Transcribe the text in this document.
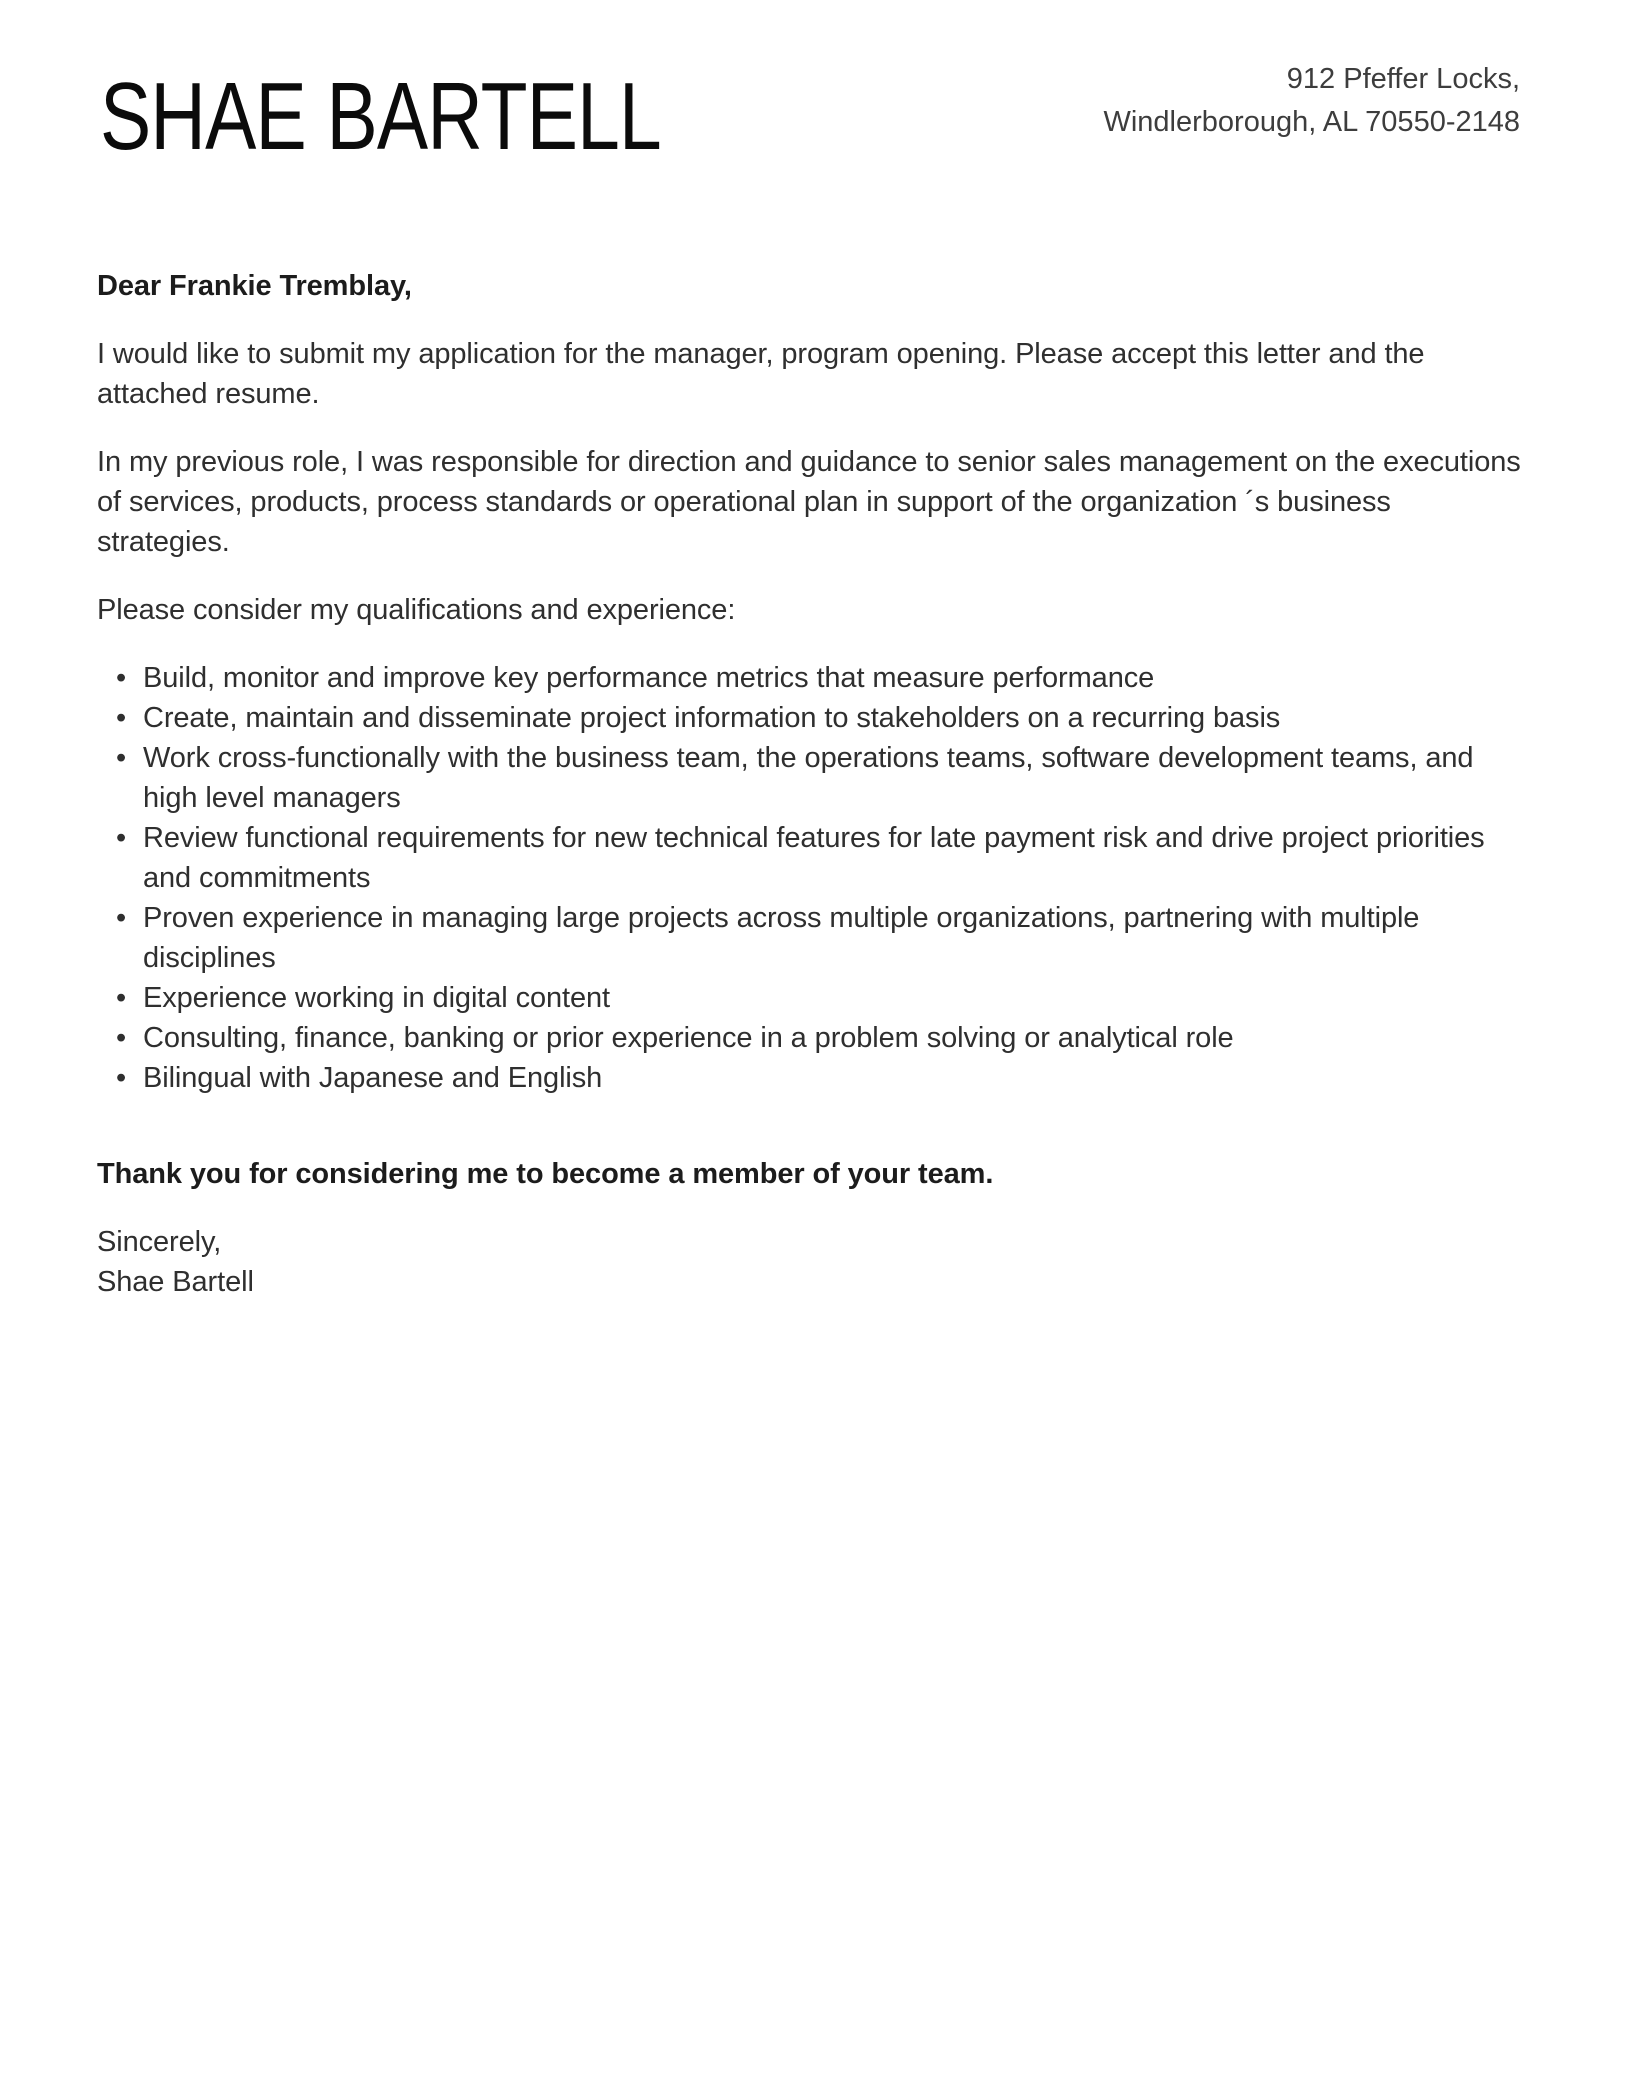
SHAE BARTELL	912 Pfeffer Locks,
Windlerborough, AL 70550-2148

Dear Frankie Tremblay,

I would like to submit my application for the manager, program opening. Please accept this letter and the attached resume.

In my previous role, I was responsible for direction and guidance to senior sales management on the executions of services, products, process standards or operational plan in support of the organization ´s business strategies.

Please consider my qualifications and experience:

• Build, monitor and improve key performance metrics that measure performance
• Create, maintain and disseminate project information to stakeholders on a recurring basis
• Work cross-functionally with the business team, the operations teams, software development teams, and high level managers
• Review functional requirements for new technical features for late payment risk and drive project priorities and commitments
• Proven experience in managing large projects across multiple organizations, partnering with multiple disciplines
• Experience working in digital content
• Consulting, finance, banking or prior experience in a problem solving or analytical role
• Bilingual with Japanese and English

Thank you for considering me to become a member of your team.

Sincerely,
Shae Bartell
